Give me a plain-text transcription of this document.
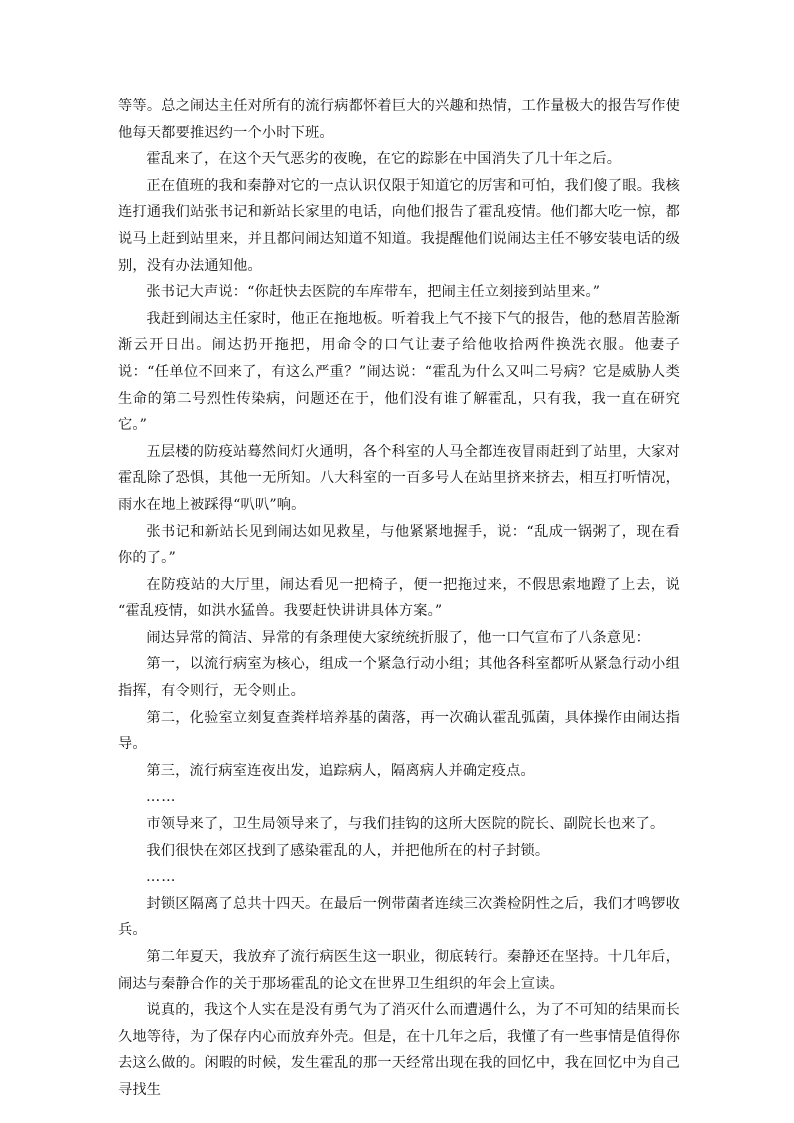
等等。总之闹达主任对所有的流行病都怀着巨大的兴趣和热情，工作量极大的报告写作使他每天都要推迟约一个小时下班。

霍乱来了，在这个天气恶劣的夜晚，在它的踪影在中国消失了几十年之后。

正在值班的我和秦静对它的一点认识仅限于知道它的厉害和可怕，我们傻了眼。我核连打通我们站张书记和新站长家里的电话，向他们报告了霍乱疫情。他们都大吃一惊，都说马上赶到站里来，并且都问闹达知道不知道。我提醒他们说闹达主任不够安装电话的级别，没有办法通知他。

张书记大声说：“你赶快去医院的车库带车，把闹主任立刻接到站里来。”

我赶到闹达主任家时，他正在拖地板。听着我上气不接下气的报告，他的愁眉苦脸渐渐云开日出。闹达扔开拖把，用命令的口气让妻子给他收拾两件换洗衣服。他妻子说：“任单位不回来了，有这么严重？”闹达说：“霍乱为什么又叫二号病？它是威胁人类生命的第二号烈性传染病，问题还在于，他们没有谁了解霍乱，只有我，我一直在研究它。”

五层楼的防疫站蓦然间灯火通明，各个科室的人马全都连夜冒雨赶到了站里，大家对霍乱除了恐惧，其他一无所知。八大科室的一百多号人在站里挤来挤去，相互打听情况，雨水在地上被踩得“叭叭”响。

张书记和新站长见到闹达如见救星，与他紧紧地握手，说：“乱成一锅粥了，现在看你的了。”

在防疫站的大厅里，闹达看见一把椅子，便一把拖过来，不假思索地蹬了上去，说 “霍乱疫情，如洪水猛兽。我要赶快讲讲具体方案。”

闹达异常的简洁、异常的有条理使大家统统折服了，他一口气宣布了八条意见：

第一，以流行病室为核心，组成一个紧急行动小组；其他各科室都听从紧急行动小组指挥，有令则行，无令则止。

第二，化验室立刻复查粪样培养基的菌落，再一次确认霍乱弧菌，具体操作由闹达指导。

第三，流行病室连夜出发，追踪病人，隔离病人并确定疫点。

……

市领导来了，卫生局领导来了，与我们挂钩的这所大医院的院长、副院长也来了。

我们很快在郊区找到了感染霍乱的人，并把他所在的村子封锁。

……

封锁区隔离了总共十四天。在最后一例带菌者连续三次粪检阴性之后，我们才鸣锣收兵。

第二年夏天，我放弃了流行病医生这一职业，彻底转行。秦静还在坚持。十几年后，闹达与秦静合作的关于那场霍乱的论文在世界卫生组织的年会上宣读。

说真的，我这个人实在是没有勇气为了消灭什么而遭遇什么，为了不可知的结果而长久地等待，为了保存内心而放弃外壳。但是，在十几年之后，我懂了有一些事情是值得你去这么做的。闲暇的时候，发生霍乱的那一天经常出现在我的回忆中，我在回忆中为自己寻找生
